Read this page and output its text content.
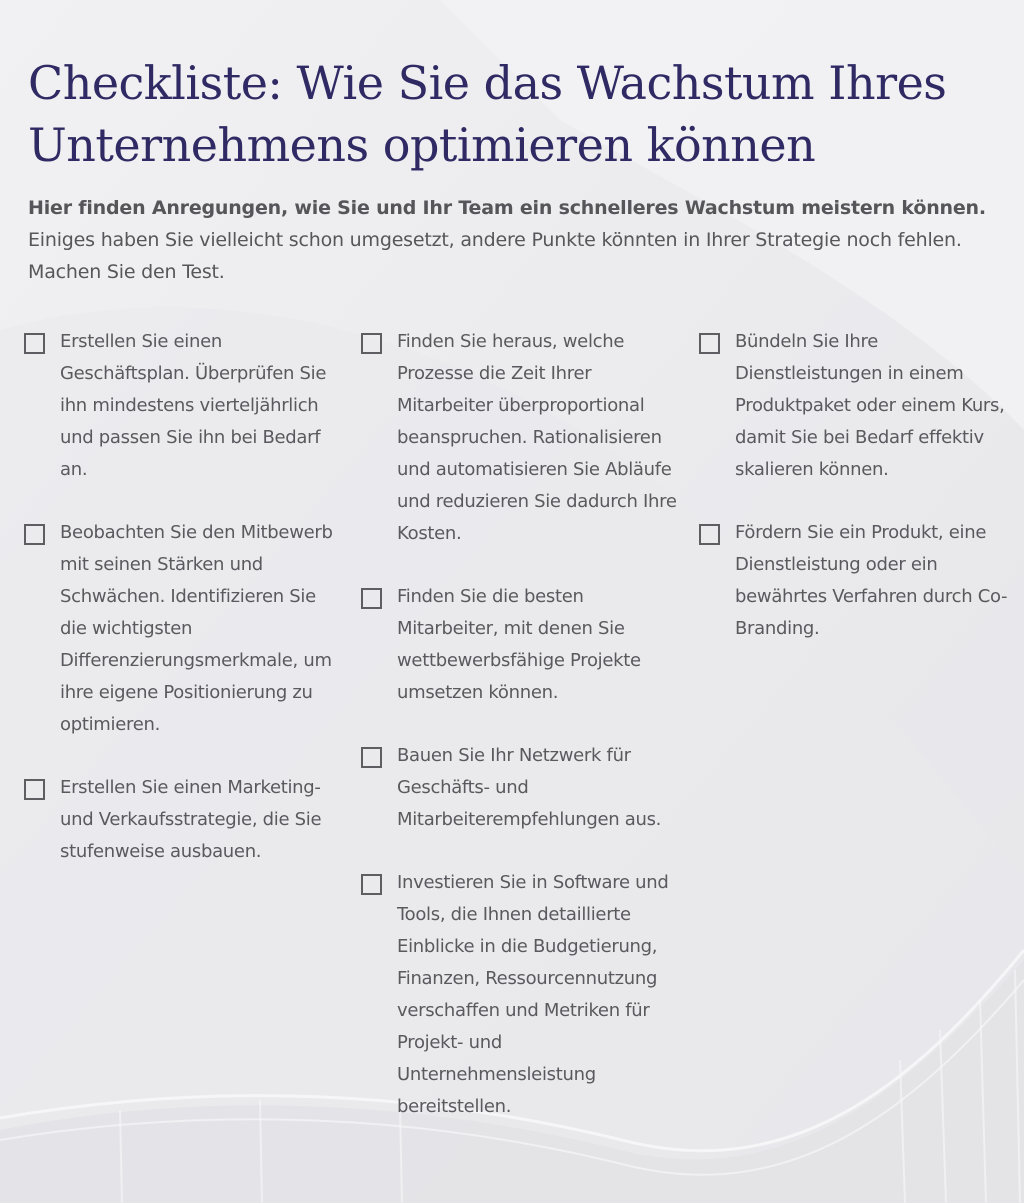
Checkliste: Wie Sie das Wachstum Ihres Unternehmens optimieren können

Hier finden Anregungen, wie Sie und Ihr Team ein schnelleres Wachstum meistern können. Einiges haben Sie vielleicht schon umgesetzt, andere Punkte könnten in Ihrer Strategie noch fehlen. Machen Sie den Test.

Erstellen Sie einen Geschäftsplan. Überprüfen Sie ihn mindestens vierteljährlich und passen Sie ihn bei Bedarf an.
Beobachten Sie den Mitbewerb mit seinen Stärken und Schwächen. Identifizieren Sie die wichtigsten Differenzierungsmerkmale, um ihre eigene Positionierung zu optimieren.
Erstellen Sie einen Marketing- und Verkaufsstrategie, die Sie stufenweise ausbauen.
Finden Sie heraus, welche Prozesse die Zeit Ihrer Mitarbeiter überproportional beanspruchen. Rationalisieren und automatisieren Sie Abläufe und reduzieren Sie dadurch Ihre Kosten.
Finden Sie die besten Mitarbeiter, mit denen Sie wettbewerbsfähige Projekte umsetzen können.
Bauen Sie Ihr Netzwerk für Geschäfts- und Mitarbeiterempfehlungen aus.
Investieren Sie in Software und Tools, die Ihnen detaillierte Einblicke in die Budgetierung, Finanzen, Ressourcennutzung verschaffen und Metriken für Projekt- und Unternehmensleistung bereitstellen.
Bündeln Sie Ihre Dienstleistungen in einem Produktpaket oder einem Kurs, damit Sie bei Bedarf effektiv skalieren können.
Fördern Sie ein Produkt, eine Dienstleistung oder ein bewährtes Verfahren durch Co-Branding.
